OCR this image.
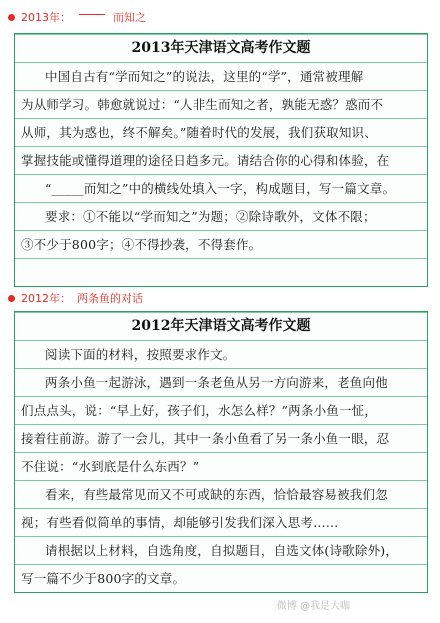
2013年：	而知之
2013年天津语文高考作文题
中国自古有“学而知之”的说法，这里的“学”，通常被理解
为从师学习。韩愈就说过：“人非生而知之者，孰能无惑？惑而不
从师，其为惑也，终不解矣。”随着时代的发展，我们获取知识、
掌握技能或懂得道理的途径日趋多元。请结合你的心得和体验，在
“_____而知之”中的横线处填入一字，构成题目，写一篇文章。
要求：①不能以“学而知之”为题；②除诗歌外，文体不限；
③不少于800字；④不得抄袭，不得套作。
2012年： 两条鱼的对话
2012年天津语文高考作文题
阅读下面的材料，按照要求作文。
两条小鱼一起游泳，遇到一条老鱼从另一方向游来，老鱼向他
们点点头，说：“早上好，孩子们，水怎么样？”两条小鱼一怔，
接着往前游。游了一会儿，其中一条小鱼看了另一条小鱼一眼，忍
不住说：“水到底是什么东西？”
看来，有些最常见而又不可或缺的东西，恰恰最容易被我们忽
视；有些看似简单的事情，却能够引发我们深入思考……
请根据以上材料，自选角度，自拟题目，自选文体(诗歌除外)，
写一篇不少于800字的文章。
微博 @我是大咖
